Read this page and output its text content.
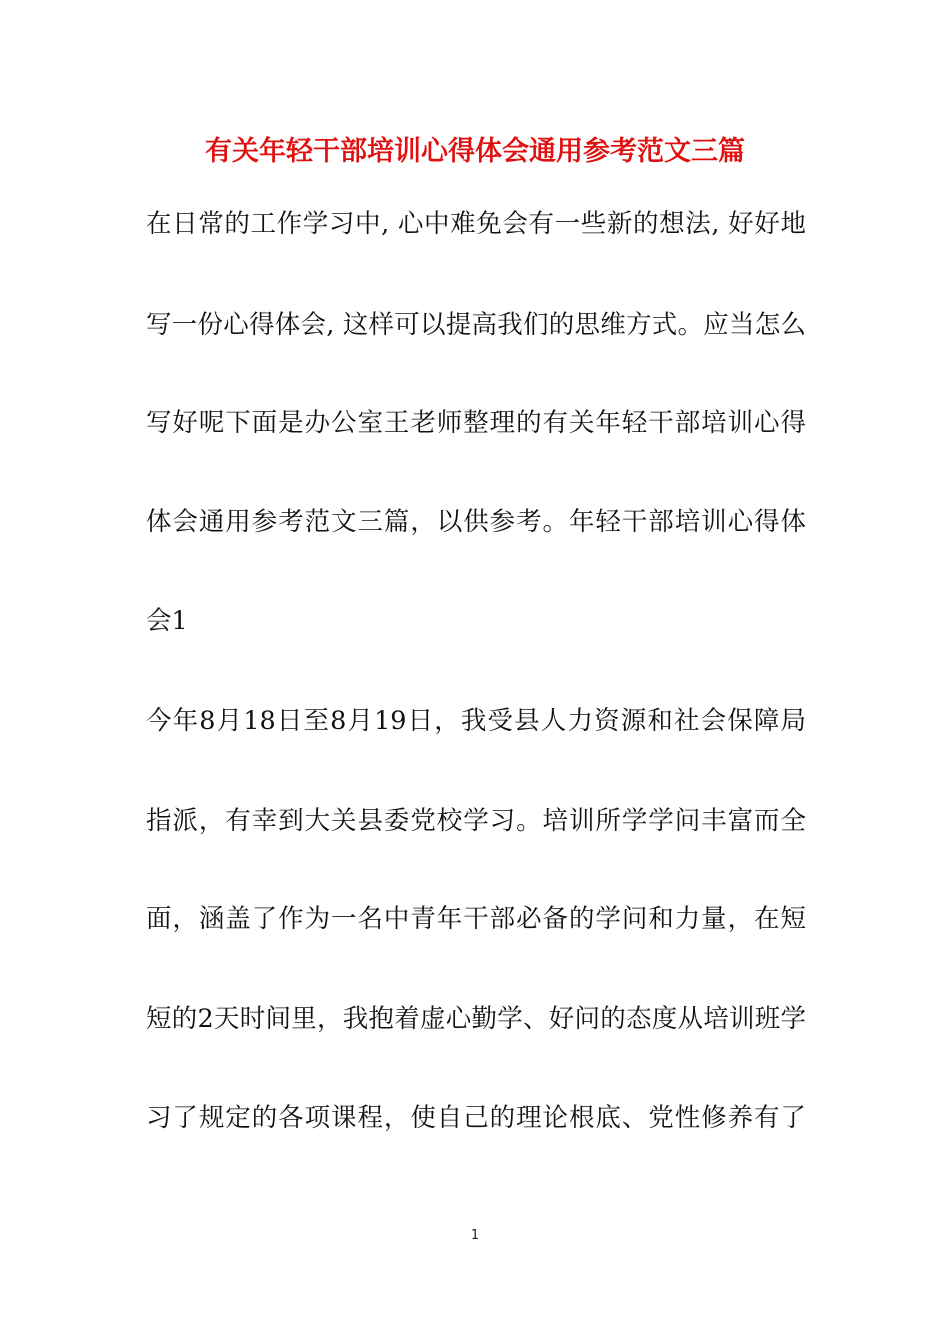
有关年轻干部培训心得体会通用参考范文三篇
在日常的工作学习中, 心中难免会有一些新的想法, 好好地
写一份心得体会, 这样可以提高我们的思维方式。应当怎么
写好呢下面是办公室王老师整理的有关年轻干部培训心得
体会通用参考范文三篇，以供参考。年轻干部培训心得体
会1
今年8月18日至8月19日，我受县人力资源和社会保障局
指派，有幸到大关县委党校学习。培训所学学问丰富而全
面，涵盖了作为一名中青年干部必备的学问和力量，在短
短的2天时间里，我抱着虚心勤学、好问的态度从培训班学
习了规定的各项课程，使自己的理论根底、党性修养有了
1
